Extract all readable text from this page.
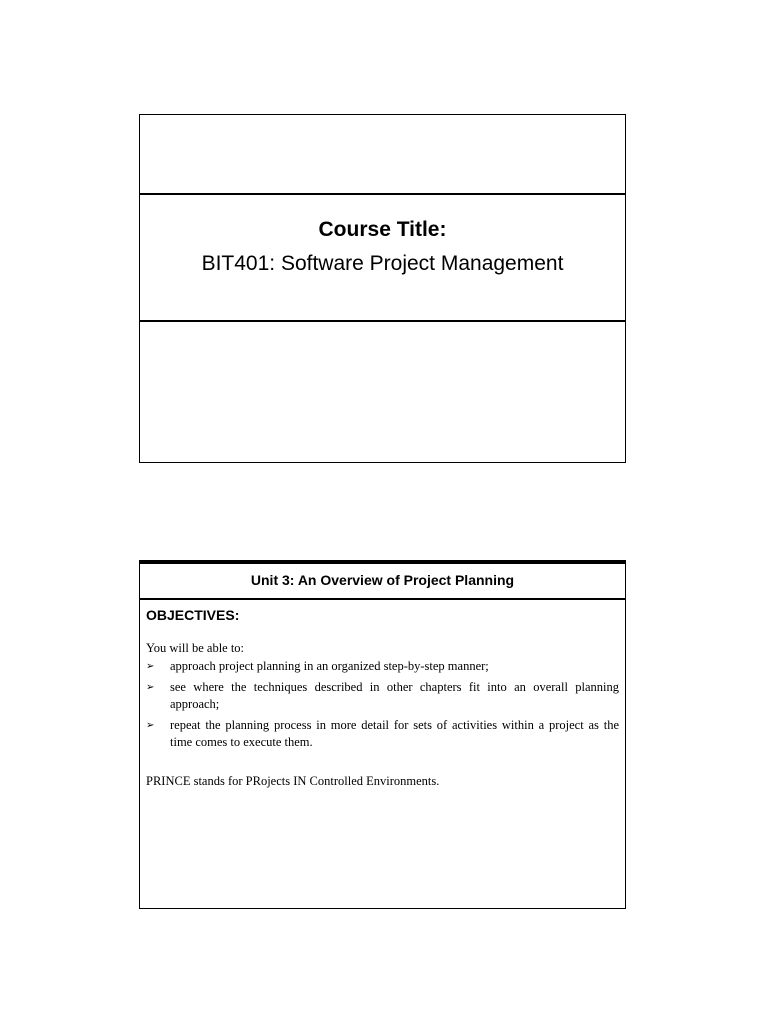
Course Title:
BIT401: Software Project Management
Unit 3: An Overview of Project Planning
OBJECTIVES:
You will be able to:
➢ approach project planning in an organized step-by-step manner;
➢ see where the techniques described in other chapters fit into an overall planning approach;
➢ repeat the planning process in more detail for sets of activities within a project as the time comes to execute them.
PRINCE stands for PRojects IN Controlled Environments.
